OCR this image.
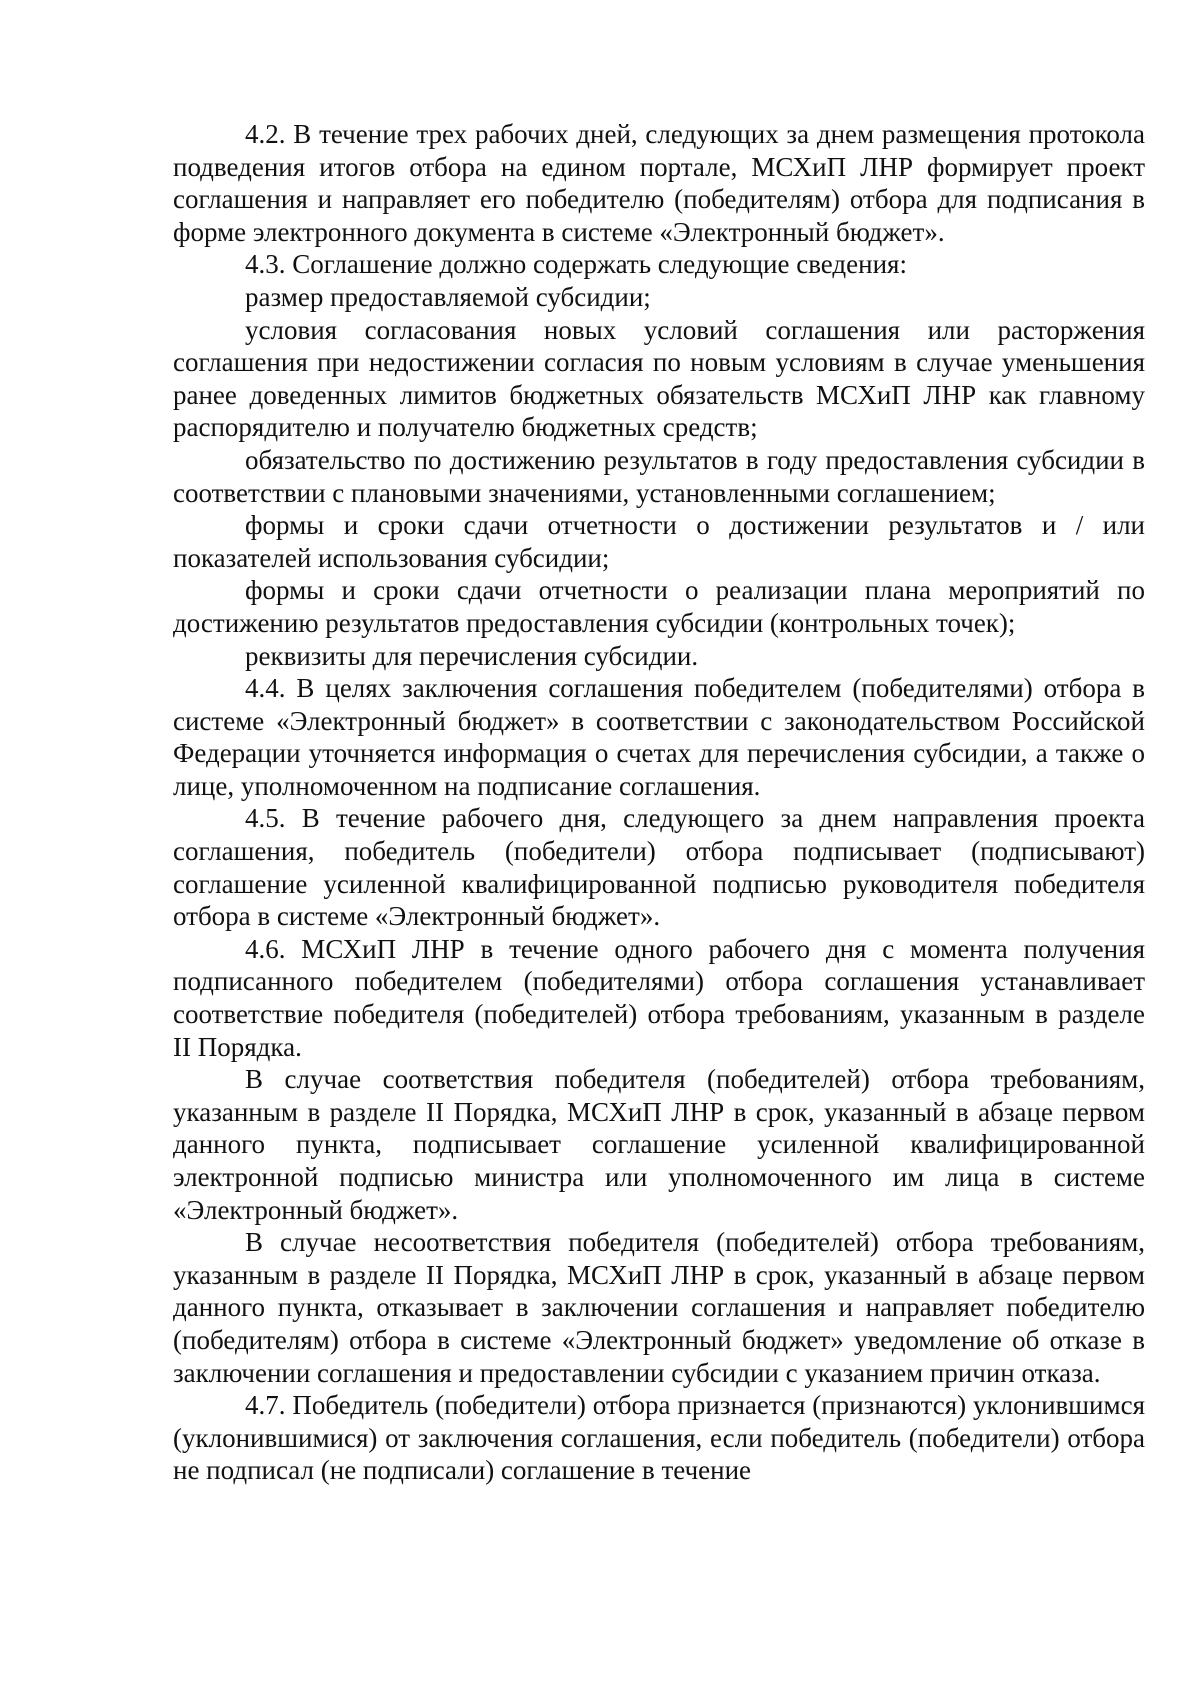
4.2. В течение трех рабочих дней, следующих за днем размещения протокола подведения итогов отбора на едином портале, МСХиП ЛНР формирует проект соглашения и направляет его победителю (победителям) отбора для подписания в форме электронного документа в системе «Электронный бюджет».

4.3. Соглашение должно содержать следующие сведения:

размер предоставляемой субсидии;

условия согласования новых условий соглашения или расторжения соглашения при недостижении согласия по новым условиям в случае уменьшения ранее доведенных лимитов бюджетных обязательств МСХиП ЛНР как главному распорядителю и получателю бюджетных средств;

обязательство по достижению результатов в году предоставления субсидии в соответствии с плановыми значениями, установленными соглашением;

формы и сроки сдачи отчетности о достижении результатов и / или показателей использования субсидии;

формы и сроки сдачи отчетности о реализации плана мероприятий по достижению результатов предоставления субсидии (контрольных точек);

реквизиты для перечисления субсидии.

4.4. В целях заключения соглашения победителем (победителями) отбора в системе «Электронный бюджет» в соответствии с законодательством Российской Федерации уточняется информация о счетах для перечисления субсидии, а также о лице, уполномоченном на подписание соглашения.

4.5. В течение рабочего дня, следующего за днем направления проекта соглашения, победитель (победители) отбора подписывает (подписывают) соглашение усиленной квалифицированной подписью руководителя победителя отбора в системе «Электронный бюджет».

4.6. МСХиП ЛНР в течение одного рабочего дня с момента получения подписанного победителем (победителями) отбора соглашения устанавливает соответствие победителя (победителей) отбора требованиям, указанным в разделе II Порядка.

В случае соответствия победителя (победителей) отбора требованиям, указанным в разделе II Порядка, МСХиП ЛНР в срок, указанный в абзаце первом данного пункта, подписывает соглашение усиленной квалифицированной электронной подписью министра или уполномоченного им лица в системе «Электронный бюджет».

В случае несоответствия победителя (победителей) отбора требованиям, указанным в разделе II Порядка, МСХиП ЛНР в срок, указанный в абзаце первом данного пункта, отказывает в заключении соглашения и направляет победителю (победителям) отбора в системе «Электронный бюджет» уведомление об отказе в заключении соглашения и предоставлении субсидии с указанием причин отказа.

4.7. Победитель (победители) отбора признается (признаются) уклонившимся (уклонившимися) от заключения соглашения, если победитель (победители) отбора не подписал (не подписали) соглашение в течение
